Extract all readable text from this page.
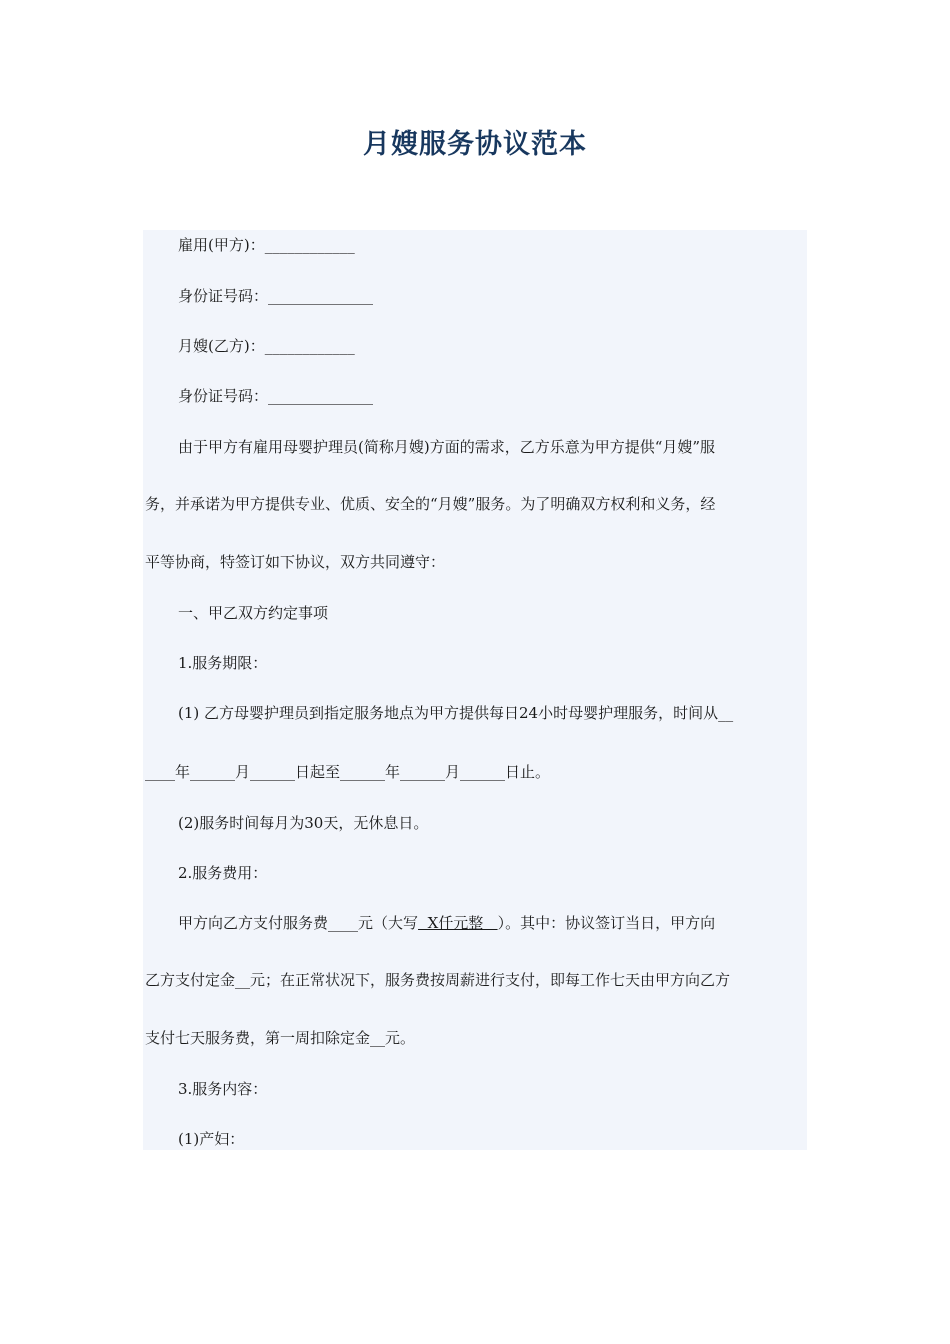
月嫂服务协议范本
雇用(甲方)：____________
身份证号码：______________
月嫂(乙方)：____________
身份证号码：______________
由于甲方有雇用母婴护理员(简称月嫂)方面的需求，乙方乐意为甲方提供“月嫂”服
务，并承诺为甲方提供专业、优质、安全的“月嫂”服务。为了明确双方权利和义务，经
平等协商，特签订如下协议，双方共同遵守：
一、甲乙双方约定事项
1.服务期限：
(1) 乙方母婴护理员到指定服务地点为甲方提供每日24小时母婴护理服务，时间从__
____年______月______日起至______年______月______日止。
(2)服务时间每月为30天，无休息日。
2.服务费用：
甲方向乙方支付服务费____元（大写  X仟元整   ）。其中：协议签订当日，甲方向
乙方支付定金__元；在正常状况下，服务费按周薪进行支付，即每工作七天由甲方向乙方
支付七天服务费，第一周扣除定金__元。
3.服务内容：
(1)产妇：
